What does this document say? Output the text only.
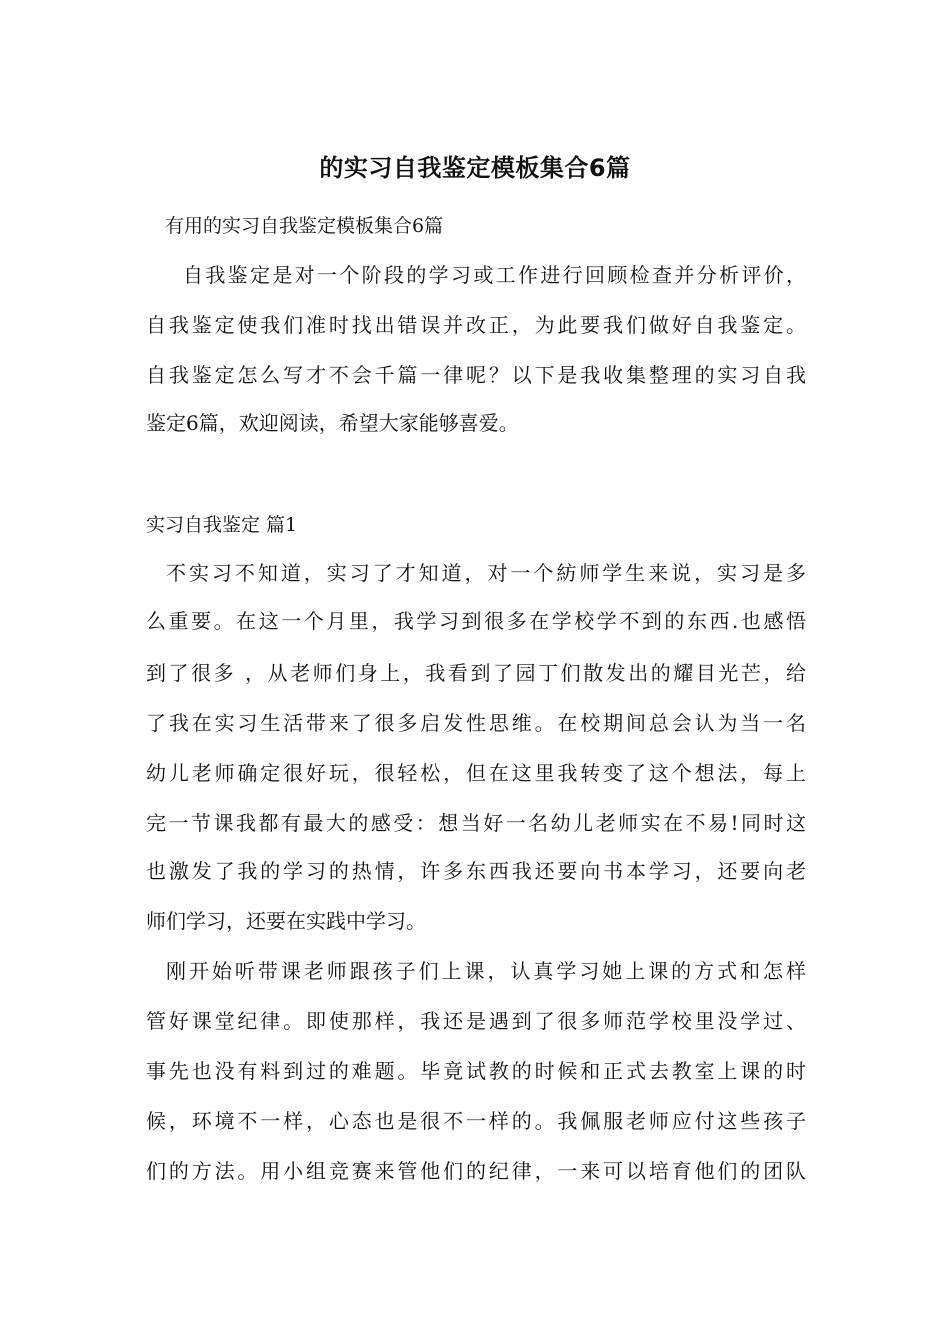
的实习自我鉴定模板集合6篇
有用的实习自我鉴定模板集合6篇
自我鉴定是对一个阶段的学习或工作进行回顾检查并分析评价，
自我鉴定使我们准时找出错误并改正，为此要我们做好自我鉴定。
自我鉴定怎么写才不会千篇一律呢？以下是我收集整理的实习自我
鉴定6篇，欢迎阅读，希望大家能够喜爱。
实习自我鉴定 篇1
不实习不知道，实习了才知道，对一个紡师学生来说，实习是多
么重要。在这一个月里，我学习到很多在学校学不到的东西.也感悟
到了很多 ，从老师们身上，我看到了园丁们散发出的耀目光芒，给
了我在实习生活带来了很多启发性思维。在校期间总会认为当一名
幼儿老师确定很好玩，很轻松，但在这里我转变了这个想法，每上
完一节课我都有最大的感受：想当好一名幼儿老师实在不易!同时这
也激发了我的学习的热情，许多东西我还要向书本学习，还要向老
师们学习，还要在实践中学习。
刚开始听带课老师跟孩子们上课，认真学习她上课的方式和怎样
管好课堂纪律。即使那样，我还是遇到了很多师范学校里没学过、
事先也没有料到过的难题。毕竟试教的时候和正式去教室上课的时
候，环境不一样，心态也是很不一样的。我佩服老师应付这些孩子
们的方法。用小组竞赛来管他们的纪律，一来可以培育他们的团队
